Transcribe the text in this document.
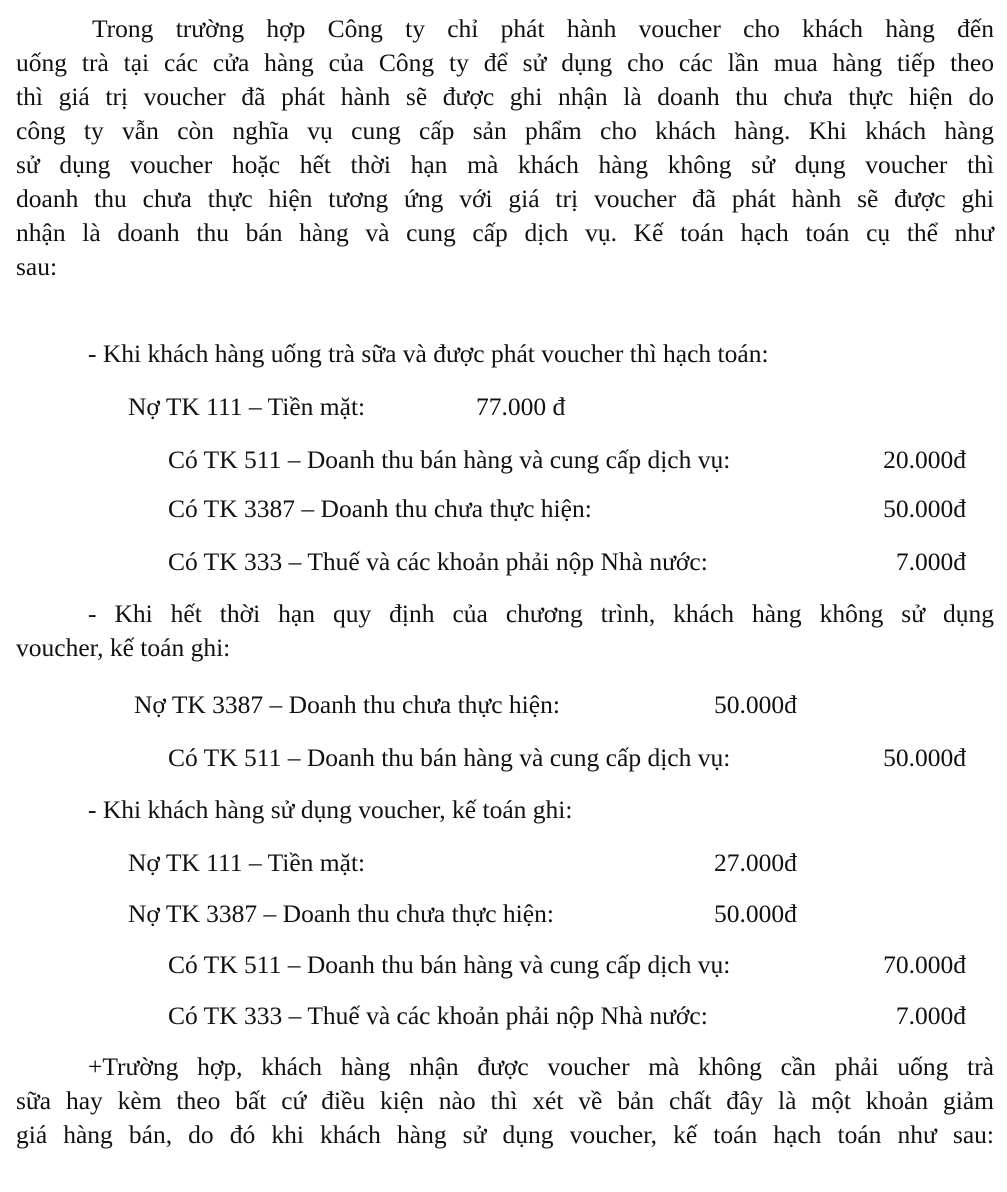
Trong trường hợp Công ty chỉ phát hành voucher cho khách hàng đến
uống trà tại các cửa hàng của Công ty để sử dụng cho các lần mua hàng tiếp theo
thì giá trị voucher đã phát hành sẽ được ghi nhận là doanh thu chưa thực hiện do
công ty vẫn còn nghĩa vụ cung cấp sản phẩm cho khách hàng. Khi khách hàng
sử dụng voucher hoặc hết thời hạn mà khách hàng không sử dụng voucher thì
doanh thu chưa thực hiện tương ứng với giá trị voucher đã phát hành sẽ được ghi
nhận là doanh thu bán hàng và cung cấp dịch vụ. Kế toán hạch toán cụ thể như
sau:

- Khi khách hàng uống trà sữa và được phát voucher thì hạch toán:

Nợ TK 111 – Tiền mặt:	77.000 đ
Có TK 511 – Doanh thu bán hàng và cung cấp dịch vụ:	20.000đ
Có TK 3387 – Doanh thu chưa thực hiện:	50.000đ
Có TK 333 – Thuế và các khoản phải nộp Nhà nước:	7.000đ
- Khi hết thời hạn quy định của chương trình, khách hàng không sử dụng
voucher, kế toán ghi:
Nợ TK 3387 – Doanh thu chưa thực hiện:	50.000đ
Có TK 511 – Doanh thu bán hàng và cung cấp dịch vụ:	50.000đ

- Khi khách hàng sử dụng voucher, kế toán ghi:

Nợ TK 111 – Tiền mặt:	27.000đ
Nợ TK 3387 – Doanh thu chưa thực hiện:	50.000đ
Có TK 511 – Doanh thu bán hàng và cung cấp dịch vụ:	70.000đ
Có TK 333 – Thuế và các khoản phải nộp Nhà nước:	7.000đ
+Trường hợp, khách hàng nhận được voucher mà không cần phải uống trà
sữa hay kèm theo bất cứ điều kiện nào thì xét về bản chất đây là một khoản giảm
giá hàng bán, do đó khi khách hàng sử dụng voucher, kế toán hạch toán như sau:
